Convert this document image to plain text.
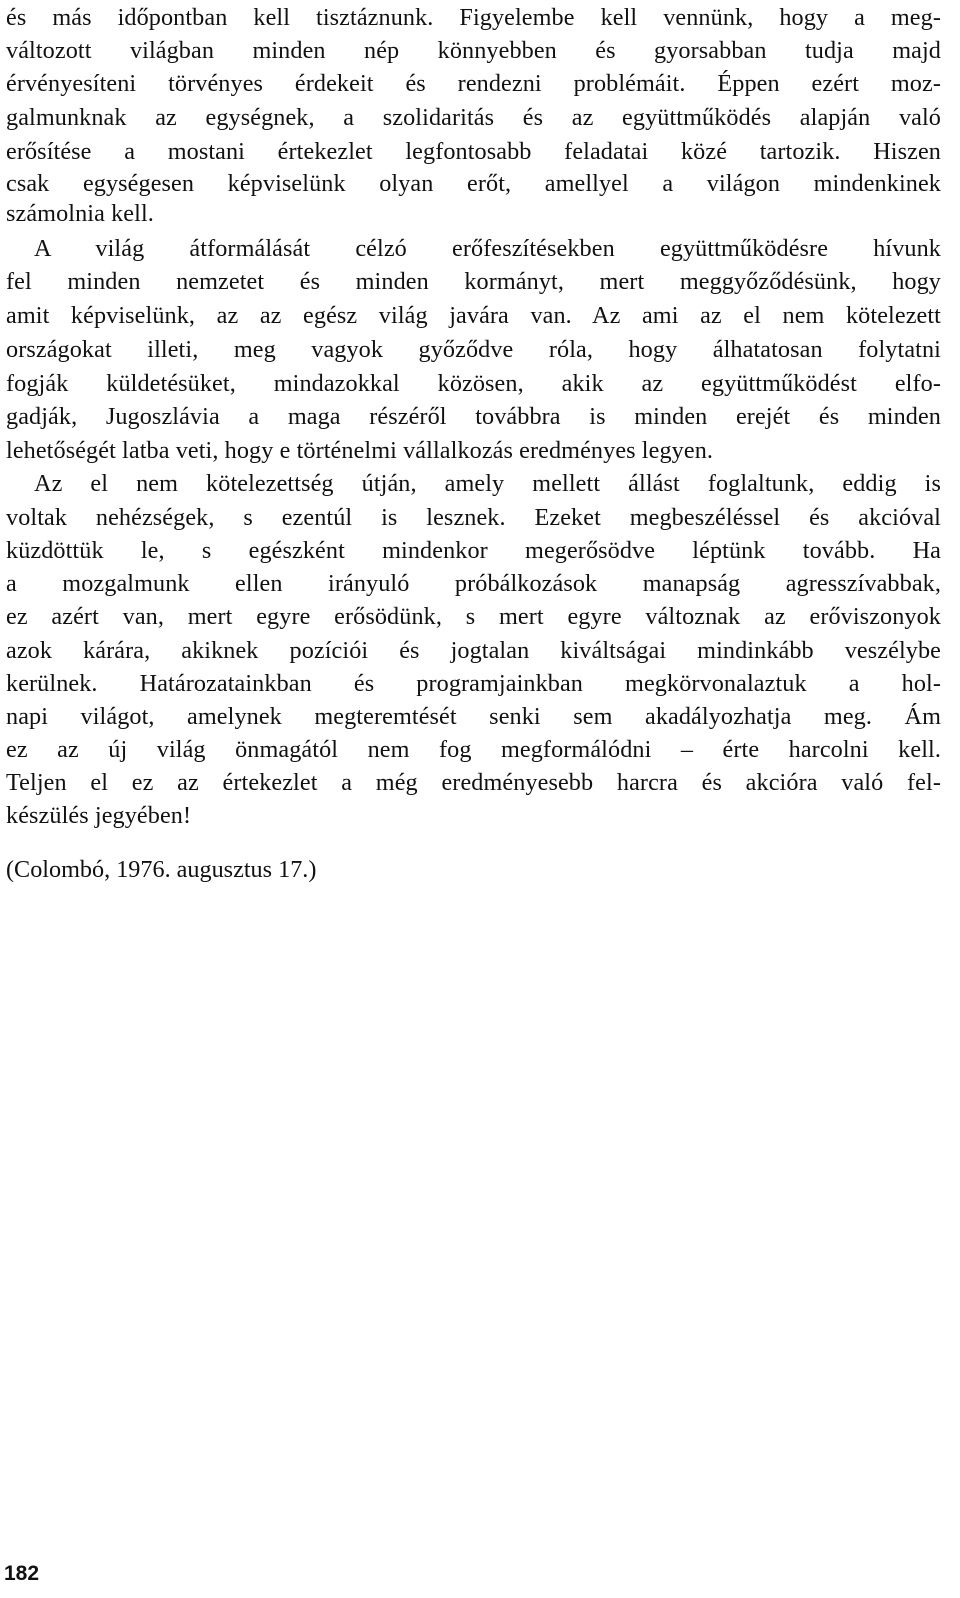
és más időpontban kell tisztáznunk. Figyelembe kell vennünk, hogy a meg-
változott világban minden nép könnyebben és gyorsabban tudja majd
érvényesíteni törvényes érdekeit és rendezni problémáit. Éppen ezért moz-
galmunknak az egységnek, a szolidaritás és az együttműködés alapján való
erősítése a mostani értekezlet legfontosabb feladatai közé tartozik. Hiszen
csak egységesen képviselünk olyan erőt, amellyel a világon mindenkinek
számolnia kell.
A világ átformálását célzó erőfeszítésekben együttműködésre hívunk
fel minden nemzetet és minden kormányt, mert meggyőződésünk, hogy
amit képviselünk, az az egész világ javára van. Az ami az el nem kötelezett
országokat illeti, meg vagyok győződve róla, hogy álhatatosan folytatni
fogják küldetésüket, mindazokkal közösen, akik az együttműködést elfo-
gadják, Jugoszlávia a maga részéről továbbra is minden erejét és minden
lehetőségét latba veti, hogy e történelmi vállalkozás eredményes legyen.
Az el nem kötelezettség útján, amely mellett állást foglaltunk, eddig is
voltak nehézségek, s ezentúl is lesznek. Ezeket megbeszéléssel és akcióval
küzdöttük le, s egészként mindenkor megerősödve léptünk tovább. Ha
a mozgalmunk ellen irányuló próbálkozások manapság agresszívabbak,
ez azért van, mert egyre erősödünk, s mert egyre változnak az erőviszonyok
azok kárára, akiknek pozíciói és jogtalan kiváltságai mindinkább veszélybe
kerülnek. Határozatainkban és programjainkban megkörvonalaztuk a hol-
napi világot, amelynek megteremtését senki sem akadályozhatja meg. Ám
ez az új világ önmagától nem fog megformálódni – érte harcolni kell.
Teljen el ez az értekezlet a még eredményesebb harcra és akcióra való fel-
készülés jegyében!
(Colombó, 1976. augusztus 17.)
182
